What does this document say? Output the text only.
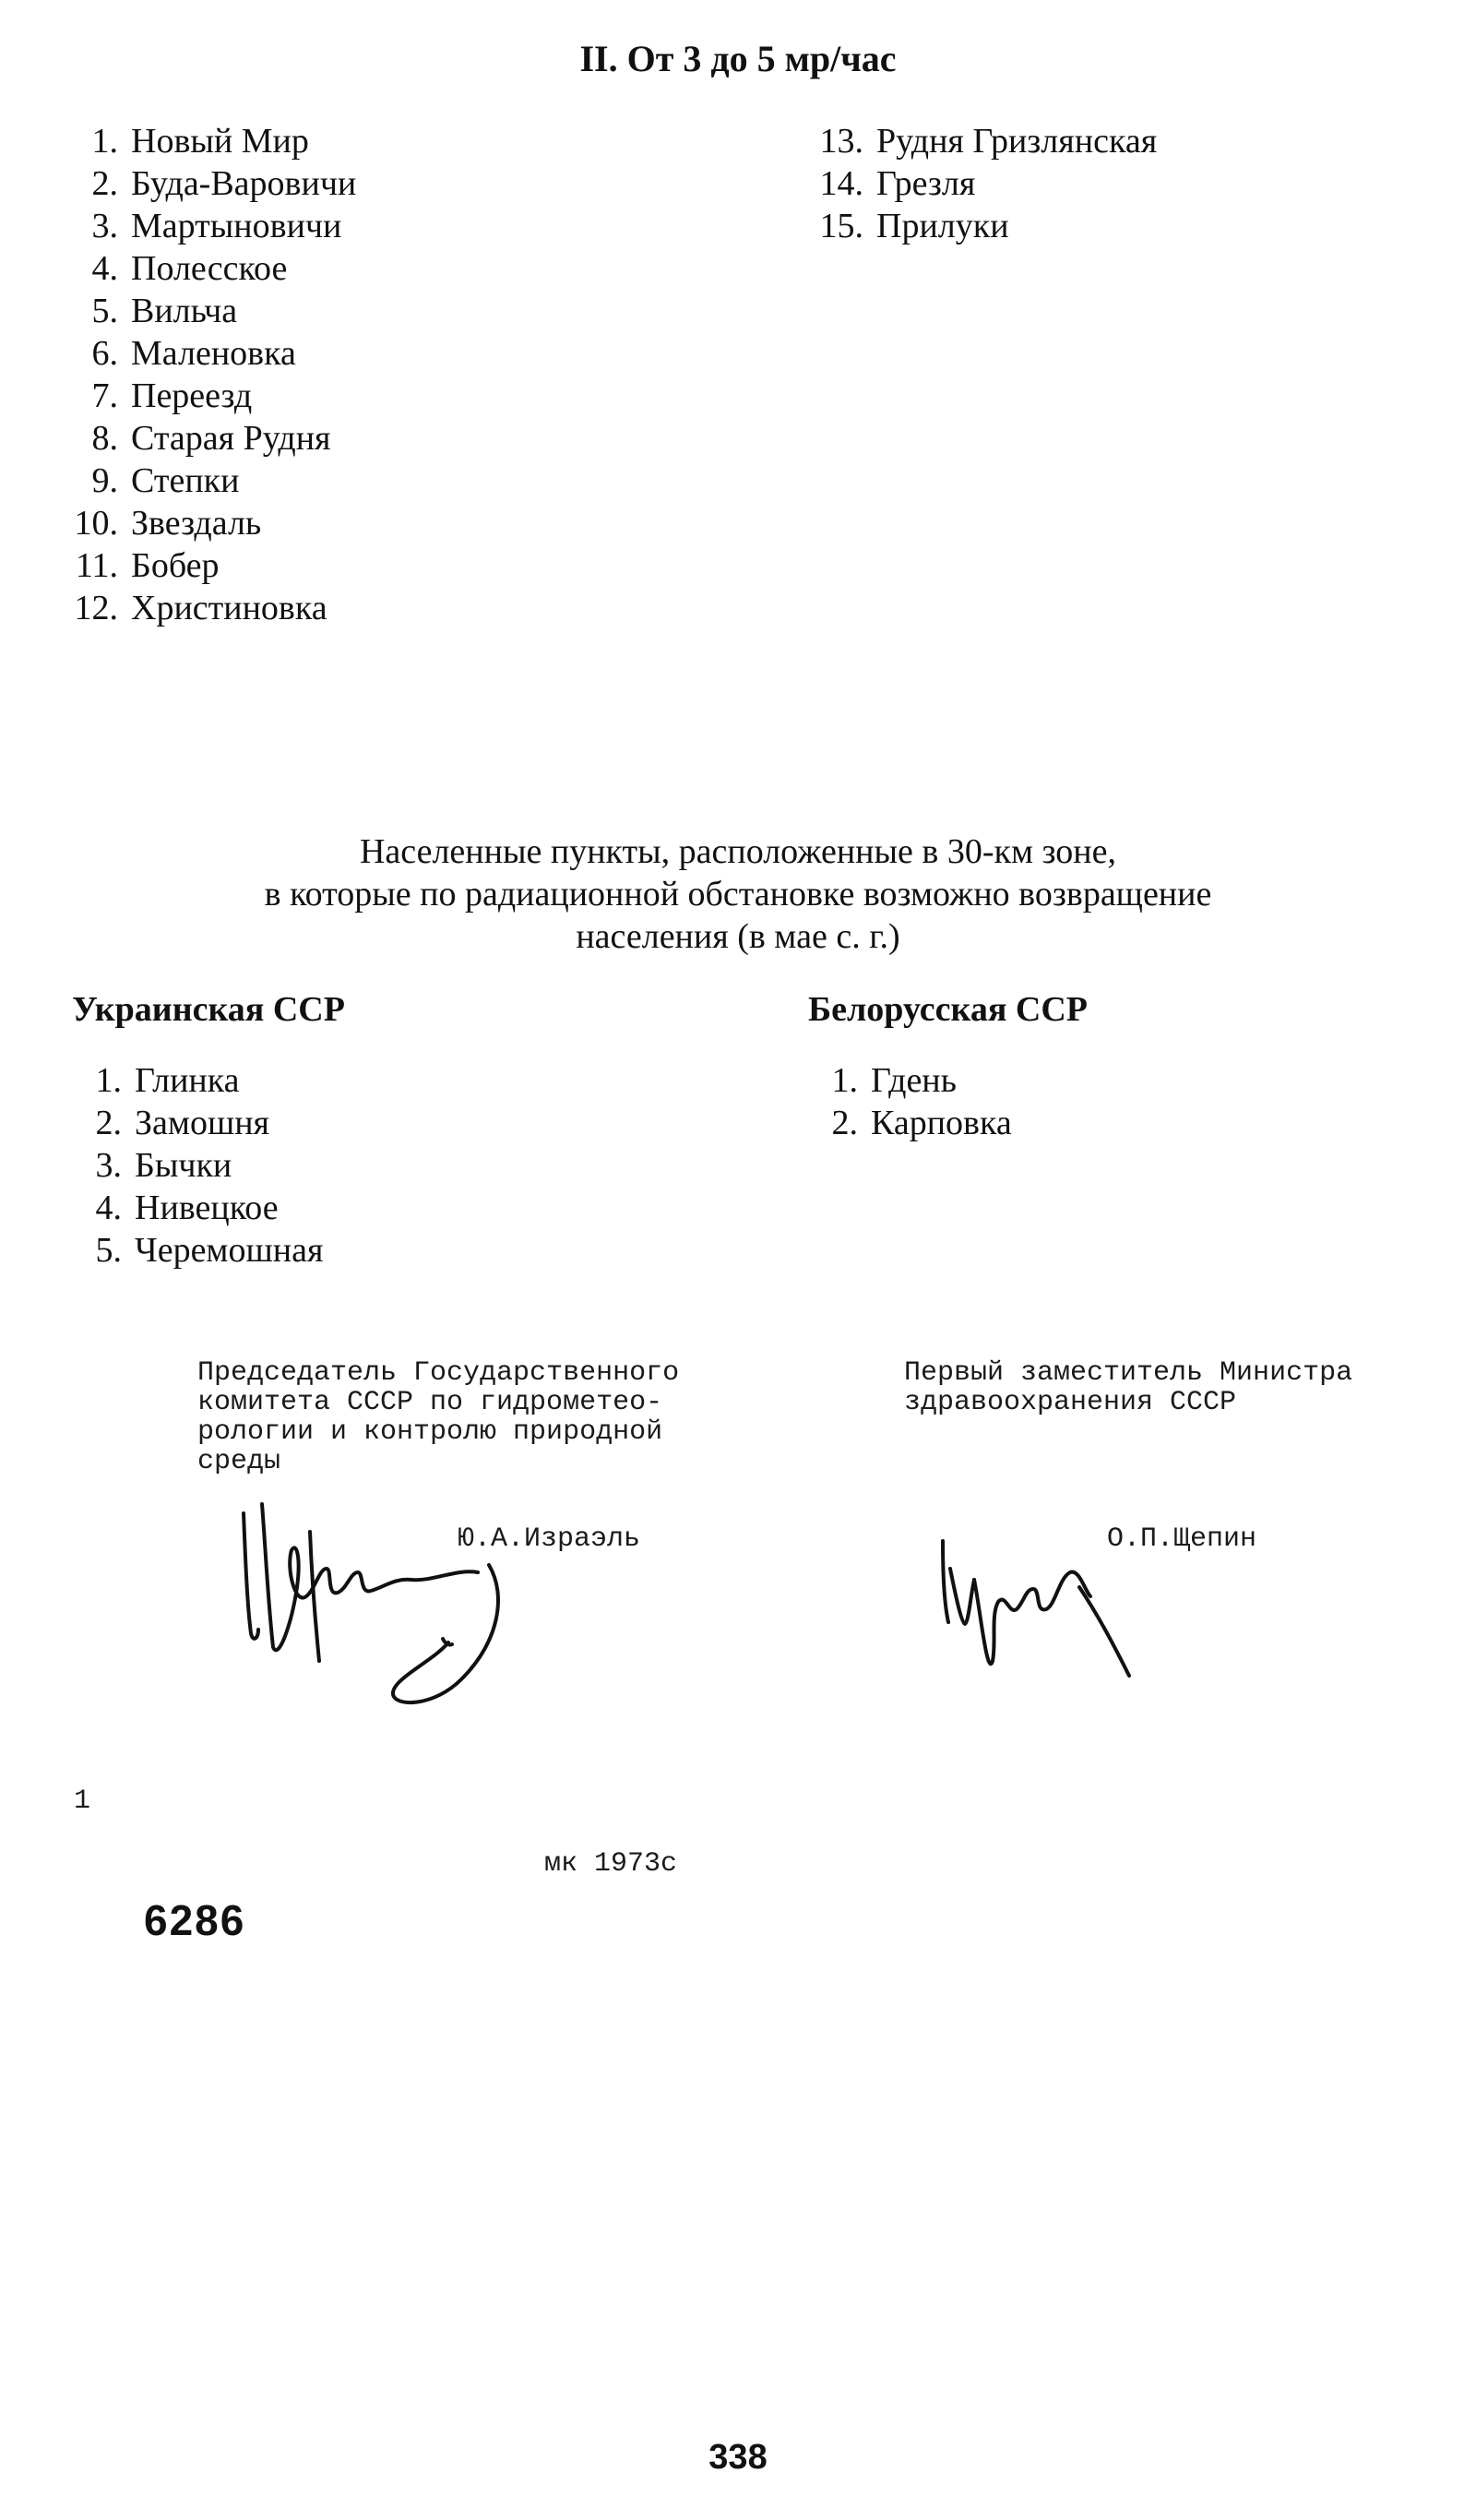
II. От 3 до 5 мр/час
1. Новый Мир
2. Буда-Варовичи
3. Мартыновичи
4. Полесское
5. Вильча
6. Маленовка
7. Переезд
8. Старая Рудня
9. Степки
10. Звездаль
11. Бобер
12. Христиновка
13. Рудня Гризлянская
14. Грезля
15. Прилуки
Населенные пункты, расположенные в 30-км зоне,
в которые по радиационной обстановке возможно возвращение
населения (в мае с. г.)
Украинская ССР
1. Глинка
2. Замошня
3. Бычки
4. Нивецкое
5. Черемошная
Белорусская ССР
1. Гдень
2. Карповка
Председатель Государственного
комитета СССР по гидрометео-
рологии и контролю природной
среды
Ю.А.Израэль
Первый заместитель Министра
здравоохранения СССР
О.П.Щепин
1
мк 1973с
6286
338
